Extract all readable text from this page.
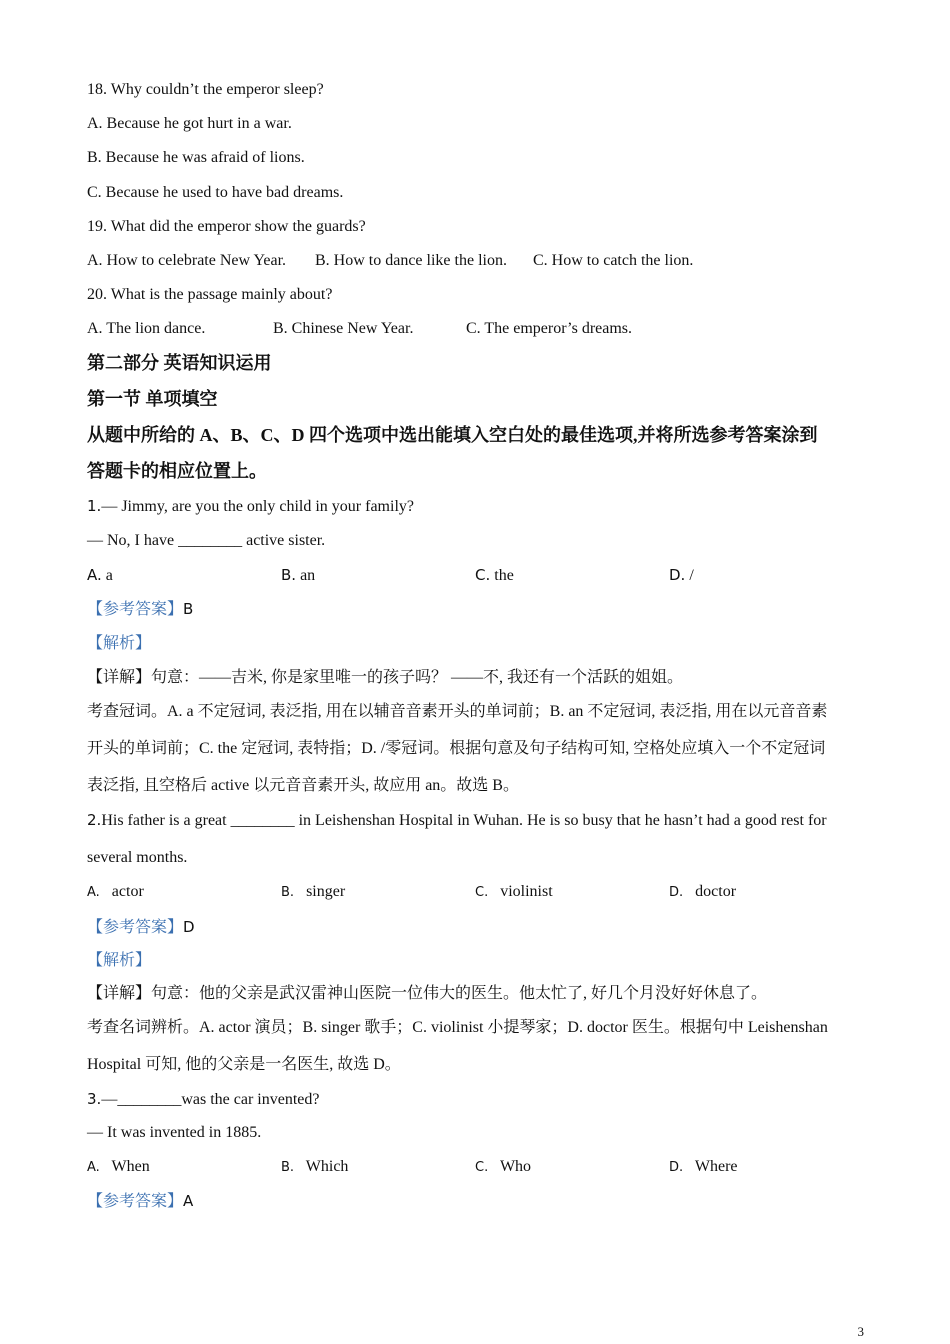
18. Why couldn’t the emperor sleep?
A. Because he got hurt in a war.
B. Because he was afraid of lions.
C. Because he used to have bad dreams.
19. What did the emperor show the guards?
A. How to celebrate New Year. B. How to dance like the lion. C. How to catch the lion.
20. What is the passage mainly about?
A. The lion dance.	B. Chinese New Year.	C. The emperor’s dreams.
第二部分 英语知识运用
第一节 单项填空
从题中所给的 A、B、C、D 四个选项中选出能填入空白处的最佳选项,并将所选参考答案涂到
答题卡的相应位置上。
1.— Jimmy, are you the only child in your family?
— No, I have ________ active sister.
A. a	B. an	C. the	D. /
【参考答案】B
【解析】
【详解】句意：——吉米, 你是家里唯一的孩子吗？ ——不, 我还有一个活跃的姐姐。
考查冠词。A. a 不定冠词, 表泛指, 用在以辅音音素开头的单词前；B. an 不定冠词, 表泛指, 用在以元音音素
开头的单词前；C. the 定冠词, 表特指；D. /零冠词。根据句意及句子结构可知, 空格处应填入一个不定冠词
表泛指, 且空格后 active 以元音音素开头, 故应用 an。故选 B。
2.His father is a great ________ in Leishenshan Hospital in Wuhan. He is so busy that he hasn’t had a good rest for
several months.
A. actor	B. singer	C. violinist	D. doctor
【参考答案】D
【解析】
【详解】句意：他的父亲是武汉雷神山医院一位伟大的医生。他太忙了, 好几个月没好好休息了。
考查名词辨析。A. actor 演员；B. singer 歌手；C. violinist 小提琴家；D. doctor 医生。根据句中 Leishenshan
Hospital 可知, 他的父亲是一名医生, 故选 D。
3.—________was the car invented?
— It was invented in 1885.
A. When	B. Which	C. Who	D. Where
【参考答案】A
3
